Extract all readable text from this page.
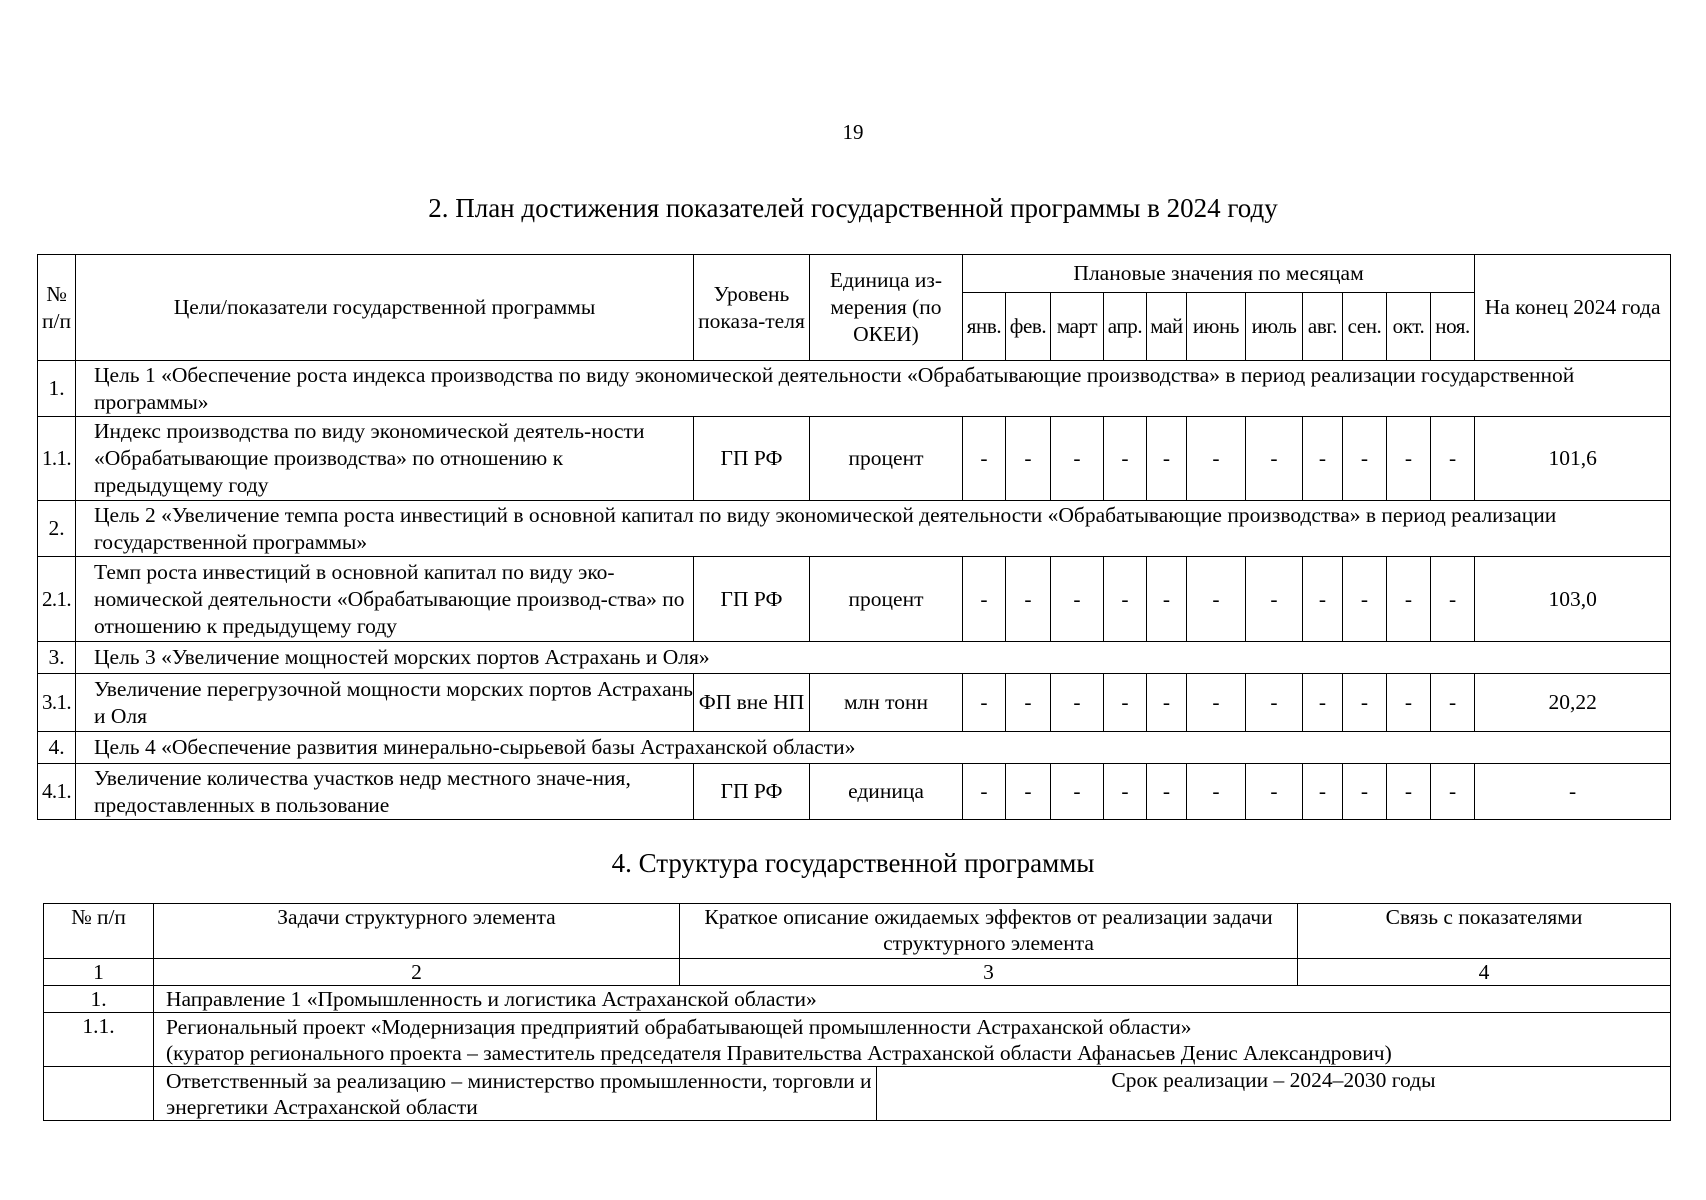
19
2. План достижения показателей государственной программы в 2024 году
№ п/п	Цели/показатели государственной программы	Уровень показа-теля	Единица из-мерения (по ОКЕИ)	Плановые значения по месяцам											На конец 2024 года
				янв.	фев.	март	апр.	май	июнь	июль	авг.	сен.	окт.	ноя.	
1.	Цель 1 «Обеспечение роста индекса производства по виду экономической деятельности «Обрабатывающие производства» в период реализации государственной программы»														
1.1.	Индекс производства по виду экономической деятель-ности «Обрабатывающие производства» по отношению к предыдущему году	ГП РФ	процент	-	-	-	-	-	-	-	-	-	-	-	101,6
2.	Цель 2 «Увеличение темпа роста инвестиций в основной капитал по виду экономической деятельности «Обрабатывающие производства» в период реализации государственной программы»														
2.1.	Темп роста инвестиций в основной капитал по виду эко-номической деятельности «Обрабатывающие производ-ства» по отношению к предыдущему году	ГП РФ	процент	-	-	-	-	-	-	-	-	-	-	-	103,0
3.	Цель 3 «Увеличение мощностей морских портов Астрахань и Оля»														
3.1.	Увеличение перегрузочной мощности морских портов Астрахань и Оля	ФП вне НП	млн тонн	-	-	-	-	-	-	-	-	-	-	-	20,22
4.	Цель 4 «Обеспечение развития минерально-сырьевой базы Астраханской области»														
4.1.	Увеличение количества участков недр местного значе-ния, предоставленных в пользование	ГП РФ	единица	-	-	-	-	-	-	-	-	-	-	-	-
4. Структура государственной программы
№ п/п	Задачи структурного элемента	Краткое описание ожидаемых эффектов от реализации задачи структурного элемента		Связь с показателями
1	2	3		4
1.	Направление 1 «Промышленность и логистика Астраханской области»			
1.1.	Региональный проект «Модернизация предприятий обрабатывающей промышленности Астраханской области»
(куратор регионального проекта – заместитель председателя Правительства Астраханской области Афанасьев Денис Александрович)			

	Ответственный за реализацию – министерство промышленности, торговли и энергетики Астраханской области		Срок реализации – 2024–2030 годы	
